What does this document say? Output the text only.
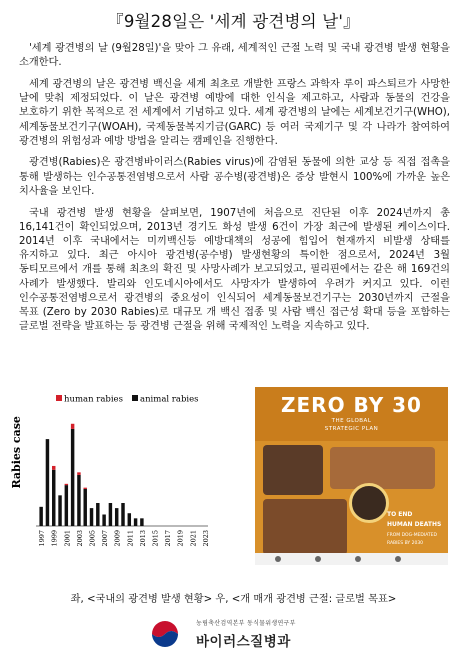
『9월28일은 '세계 광견병의 날'』

'세계 광견병의 날 (9월28일)'을 맞아 그 유래, 세계적인 근절 노력 및 국내 광견병 발생 현황을 소개한다.

세계 광견병의 날은 광견병 백신을 세계 최초로 개발한 프랑스 과학자 루이 파스퇴르가 사망한 날에 맞춰 제정되었다. 이 날은 광견병 예방에 대한 인식을 제고하고, 사람과 동물의 건강을 보호하기 위한 목적으로 전 세계에서 기념하고 있다. 세계 광견병의 날에는 세계보건기구(WHO), 세계동물보건기구(WOAH), 국제동물복지기금(GARC) 등 여러 국제기구 및 각 나라가 참여하여 광견병의 위험성과 예방 방법을 알리는 캠페인을 진행한다.

광견병(Rabies)은 광견병바이러스(Rabies virus)에 감염된 동물에 의한 교상 등 직접 접촉을 통해 발생하는 인수공통전염병으로서 사람 공수병(광견병)은 증상 발현시 100%에 가까운 높은 치사율을 보인다.

국내 광견병 발생 현황을 살펴보면, 1907년에 처음으로 진단된 이후 2024년까지 총 16,141건이 확인되었으며, 2013년 경기도 화성 발생 6건이 가장 최근에 발생된 케이스이다. 2014년 이후 국내에서는 미끼백신등 예방대책의 성공에 힘입어 현재까지 비발생 상태를 유지하고 있다. 최근 아시아 광견병(공수병) 발생현황의 특이한 점으로서, 2024년 3월 동티모르에서 개를 통해 최초의 확진 및 사망사례가 보고되었고, 필리핀에서는 같은 해 169건의 사례가 발생했다. 발리와 인도네시아에서도 사망자가 발생하여 우려가 커지고 있다. 이런 인수공통전염병으로서 광견병의 중요성이 인식되어 세계동물보건기구는 2030년까지 근절을 목표 (Zero by 2030 Rabies)로 대규모 개 백신 접종 및 사람 백신 접근성 확대 등을 포함하는 글로벌 전략을 발표하는 등 광견병 근절을 위해 국제적인 노력을 지속하고 있다.

Rabies case
human rabies animal rabies
1997 1999 2001 2003 2005 2007 2009 2011 2013 2015 2017 2019 2021 2023
ZERO BY 30
THE GLOBAL
STRATEGIC PLAN
TO END
HUMAN DEATHS
FROM DOG-MEDIATED
RABIES BY 2030
좌, <국내의 광견병 발생 현황> 우, <개 매개 광견병 근절: 글로벌 목표>
농림축산검역본부 동식물위생연구부
바이러스질병과
